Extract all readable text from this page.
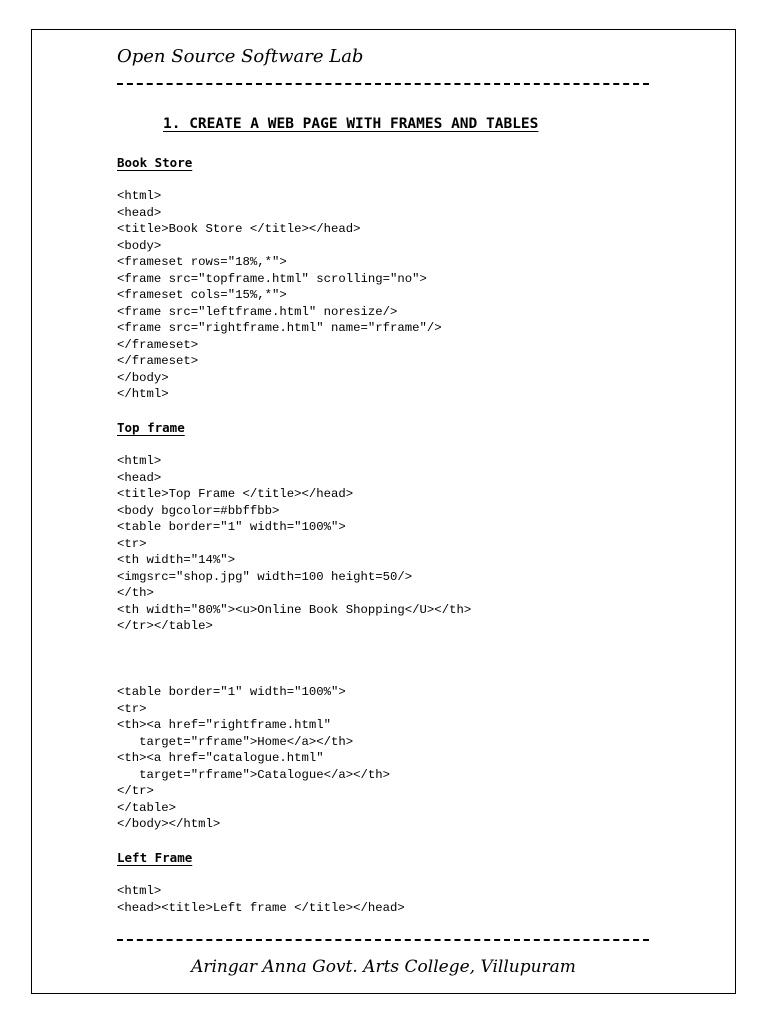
Open Source Software Lab
1. CREATE A WEB PAGE WITH FRAMES AND TABLES
Book Store
<html>
<head>
<title>Book Store </title></head>
<body>
<frameset rows="18%,*">
<frame src="topframe.html" scrolling="no">
<frameset cols="15%,*">
<frame src="leftframe.html" noresize/>
<frame src="rightframe.html" name="rframe"/>
</frameset>
</frameset>
</body>
</html>
Top frame
<html>
<head>
<title>Top Frame </title></head>
<body bgcolor=#bbffbb>
<table border="1" width="100%">
<tr>
<th width="14%">
<imgsrc="shop.jpg" width=100 height=50/>
</th>
<th width="80%"><u>Online Book Shopping</U></th>
</tr></table>
<table border="1" width="100%">
<tr>
<th><a href="rightframe.html"
target="rframe">Home</a></th>
<th><a href="catalogue.html"
target="rframe">Catalogue</a></th>
</tr>
</table>
</body></html>
Left Frame
<html>
<head><title>Left frame </title></head>
Aringar Anna Govt. Arts College, Villupuram
